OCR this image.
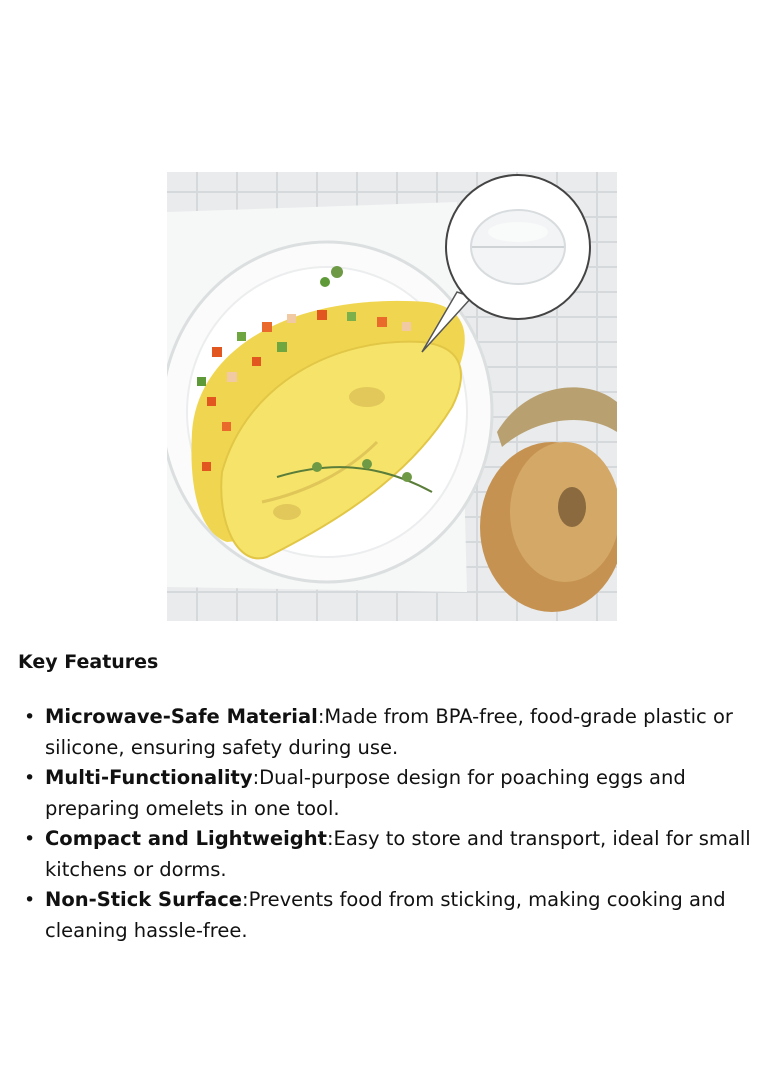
Key Features
• Microwave-Safe Material:Made from BPA-free, food-grade plastic or silicone, ensuring safety during use.
• Multi-Functionality:Dual-purpose design for poaching eggs and preparing omelets in one tool.
• Compact and Lightweight:Easy to store and transport, ideal for small kitchens or dorms.
• Non-Stick Surface:Prevents food from sticking, making cooking and cleaning hassle-free.
